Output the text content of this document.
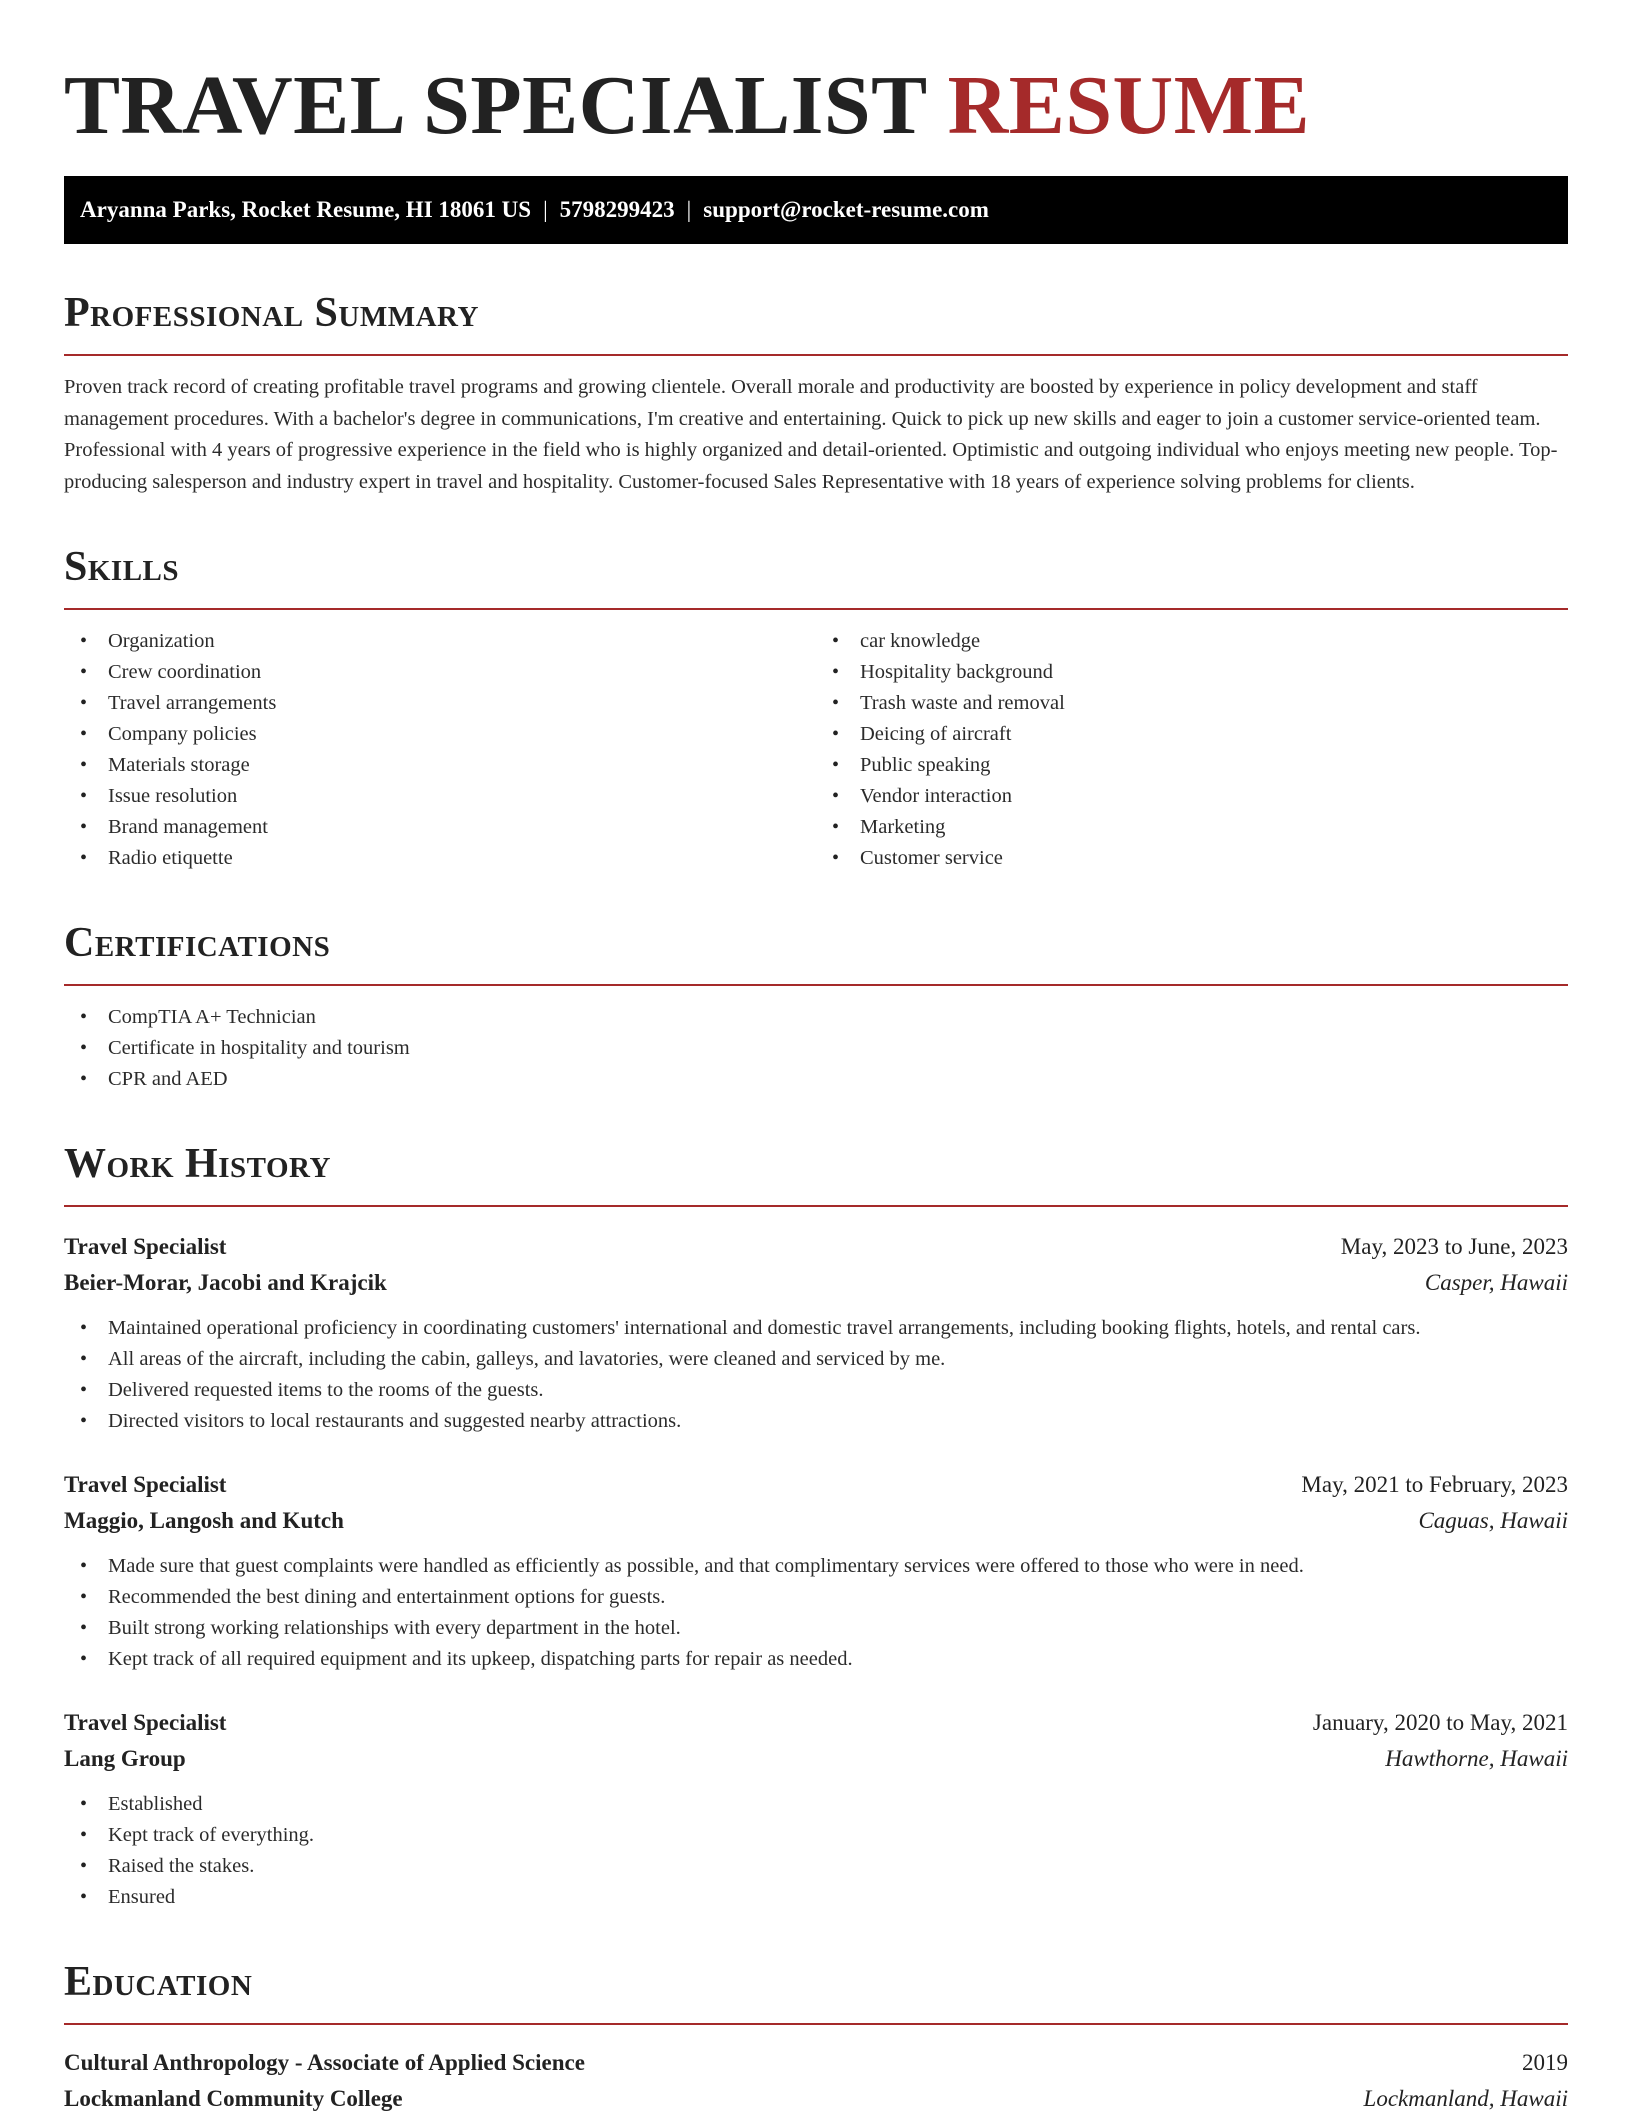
TRAVEL SPECIALIST RESUME
Aryanna Parks, Rocket Resume, HI 18061 US | 5798299423 | support@rocket-resume.com
Professional Summary

Proven track record of creating profitable travel programs and growing clientele. Overall morale and productivity are boosted by experience in policy development and staff management procedures. With a bachelor's degree in communications, I'm creative and entertaining. Quick to pick up new skills and eager to join a customer service-oriented team. Professional with 4 years of progressive experience in the field who is highly organized and detail-oriented. Optimistic and outgoing individual who enjoys meeting new people. Top-producing salesperson and industry expert in travel and hospitality. Customer-focused Sales Representative with 18 years of experience solving problems for clients.

Skills
• Organization
• Crew coordination
• Travel arrangements
• Company policies
• Materials storage
• Issue resolution
• Brand management
• Radio etiquette
• car knowledge
• Hospitality background
• Trash waste and removal
• Deicing of aircraft
• Public speaking
• Vendor interaction
• Marketing
• Customer service
Certifications
• CompTIA A+ Technician
• Certificate in hospitality and tourism
• CPR and AED
Work History
Travel Specialist	May, 2023 to June, 2023
Beier-Morar, Jacobi and Krajcik	Casper, Hawaii
• Maintained operational proficiency in coordinating customers' international and domestic travel arrangements, including booking flights, hotels, and rental cars.
• All areas of the aircraft, including the cabin, galleys, and lavatories, were cleaned and serviced by me.
• Delivered requested items to the rooms of the guests.
• Directed visitors to local restaurants and suggested nearby attractions.
Travel Specialist	May, 2021 to February, 2023
Maggio, Langosh and Kutch	Caguas, Hawaii
• Made sure that guest complaints were handled as efficiently as possible, and that complimentary services were offered to those who were in need.
• Recommended the best dining and entertainment options for guests.
• Built strong working relationships with every department in the hotel.
• Kept track of all required equipment and its upkeep, dispatching parts for repair as needed.
Travel Specialist	January, 2020 to May, 2021
Lang Group	Hawthorne, Hawaii
• Established
• Kept track of everything.
• Raised the stakes.
• Ensured
Education
Cultural Anthropology - Associate of Applied Science	2019
Lockmanland Community College	Lockmanland, Hawaii
